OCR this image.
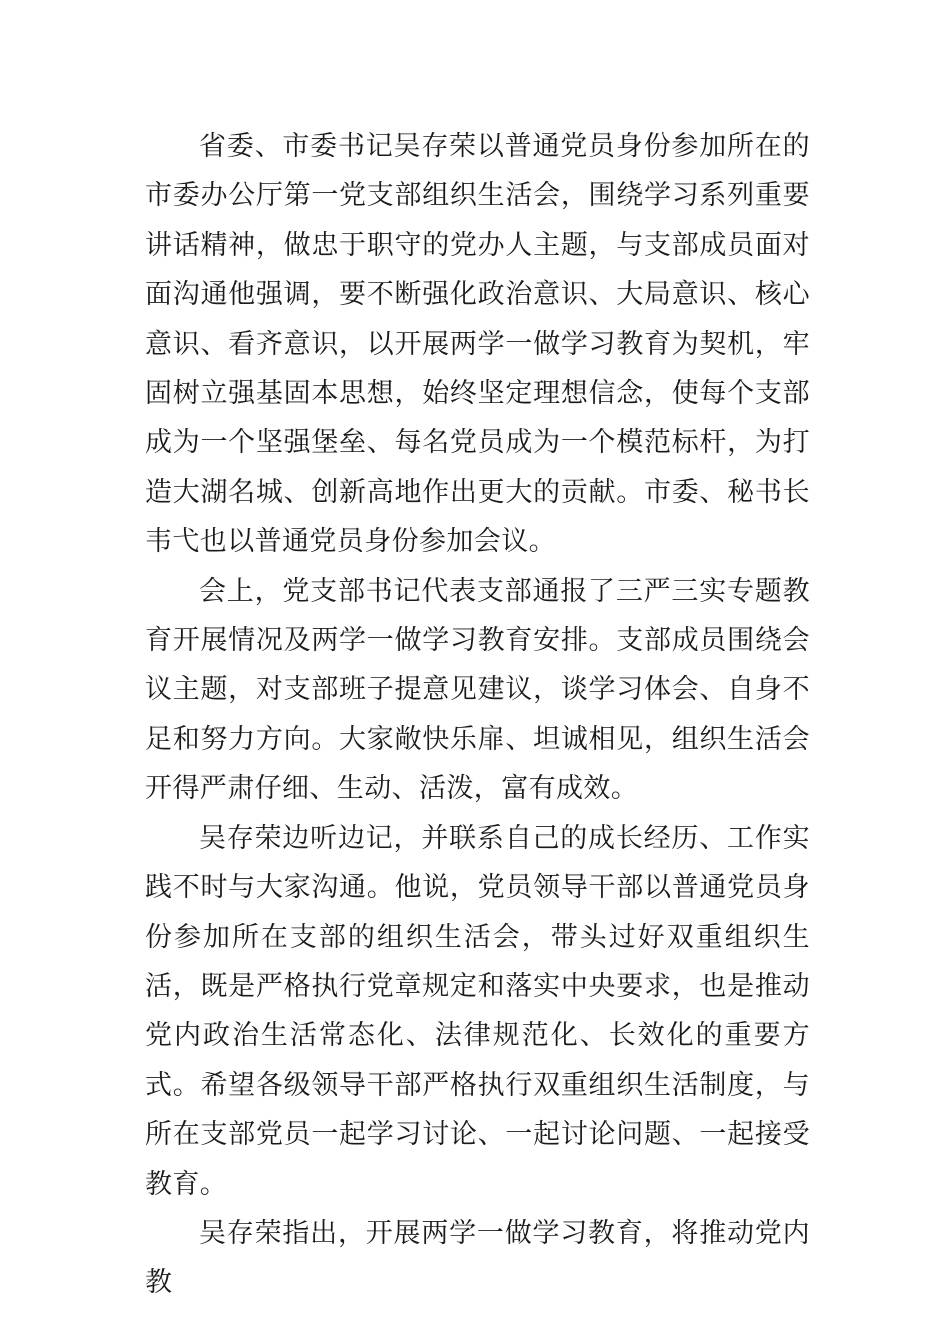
省委、市委书记吴存荣以普通党员身份参加所在的市委办公厅第一党支部组织生活会，围绕学习系列重要讲话精神，做忠于职守的党办人主题，与支部成员面对面沟通他强调，要不断强化政治意识、大局意识、核心意识、看齐意识，以开展两学一做学习教育为契机，牢固树立强基固本思想，始终坚定理想信念，使每个支部成为一个坚强堡垒、每名党员成为一个模范标杆，为打造大湖名城、创新高地作出更大的贡献。市委、秘书长韦弋也以普通党员身份参加会议。

会上，党支部书记代表支部通报了三严三实专题教育开展情况及两学一做学习教育安排。支部成员围绕会议主题，对支部班子提意见建议，谈学习体会、自身不足和努力方向。大家敞快乐扉、坦诚相见，组织生活会开得严肃仔细、生动、活泼，富有成效。

吴存荣边听边记，并联系自己的成长经历、工作实践不时与大家沟通。他说，党员领导干部以普通党员身份参加所在支部的组织生活会，带头过好双重组织生活，既是严格执行党章规定和落实中央要求，也是推动党内政治生活常态化、法律规范化、长效化的重要方式。希望各级领导干部严格执行双重组织生活制度，与所在支部党员一起学习讨论、一起讨论问题、一起接受教育。

吴存荣指出，开展两学一做学习教育，将推动党内教
